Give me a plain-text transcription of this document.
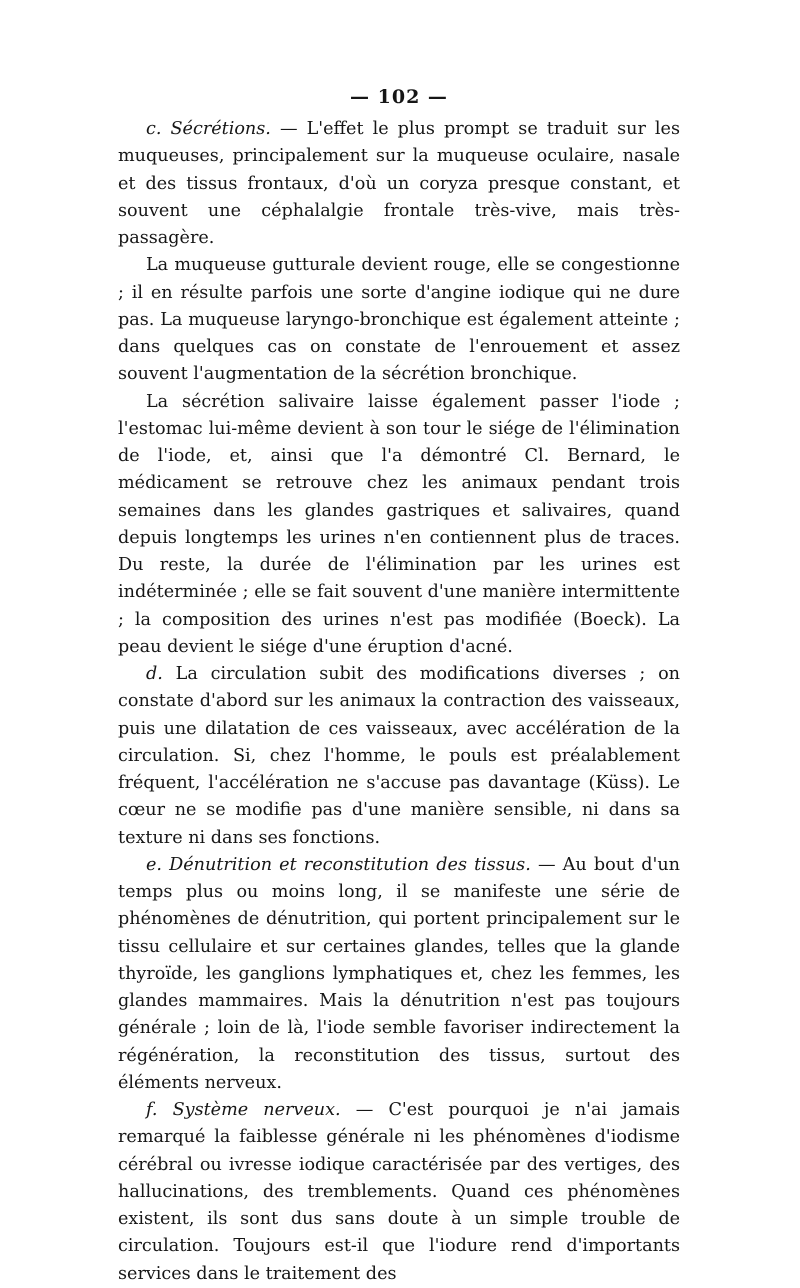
— 102 —

c. Sécrétions. — L'effet le plus prompt se traduit sur les muqueuses, principalement sur la muqueuse oculaire, nasale et des tissus frontaux, d'où un coryza presque constant, et souvent une céphalalgie frontale très-vive, mais très-passagère.

La muqueuse gutturale devient rouge, elle se congestionne ; il en résulte parfois une sorte d'angine iodique qui ne dure pas. La muqueuse laryngo-bronchique est également atteinte ; dans quelques cas on constate de l'enrouement et assez souvent l'augmentation de la sécrétion bronchique.

La sécrétion salivaire laisse également passer l'iode ; l'estomac lui-même devient à son tour le siége de l'élimination de l'iode, et, ainsi que l'a démontré Cl. Bernard, le médicament se retrouve chez les animaux pendant trois semaines dans les glandes gastriques et salivaires, quand depuis longtemps les urines n'en contiennent plus de traces. Du reste, la durée de l'élimination par les urines est indéterminée ; elle se fait souvent d'une manière intermittente ; la composition des urines n'est pas modifiée (Boeck). La peau devient le siége d'une éruption d'acné.

d. La circulation subit des modifications diverses ; on constate d'abord sur les animaux la contraction des vaisseaux, puis une dilatation de ces vaisseaux, avec accélération de la circulation. Si, chez l'homme, le pouls est préalablement fréquent, l'accélération ne s'accuse pas davantage (Küss). Le cœur ne se modifie pas d'une manière sensible, ni dans sa texture ni dans ses fonctions.

e. Dénutrition et reconstitution des tissus. — Au bout d'un temps plus ou moins long, il se manifeste une série de phénomènes de dénutrition, qui portent principalement sur le tissu cellulaire et sur certaines glandes, telles que la glande thyroïde, les ganglions lymphatiques et, chez les femmes, les glandes mammaires. Mais la dénutrition n'est pas toujours générale ; loin de là, l'iode semble favoriser indirectement la régénération, la reconstitution des tissus, surtout des éléments nerveux.

f. Système nerveux. — C'est pourquoi je n'ai jamais remarqué la faiblesse générale ni les phénomènes d'iodisme cérébral ou ivresse iodique caractérisée par des vertiges, des hallucinations, des tremblements. Quand ces phénomènes existent, ils sont dus sans doute à un simple trouble de circulation. Toujours est-il que l'iodure rend d'importants services dans le traitement des
